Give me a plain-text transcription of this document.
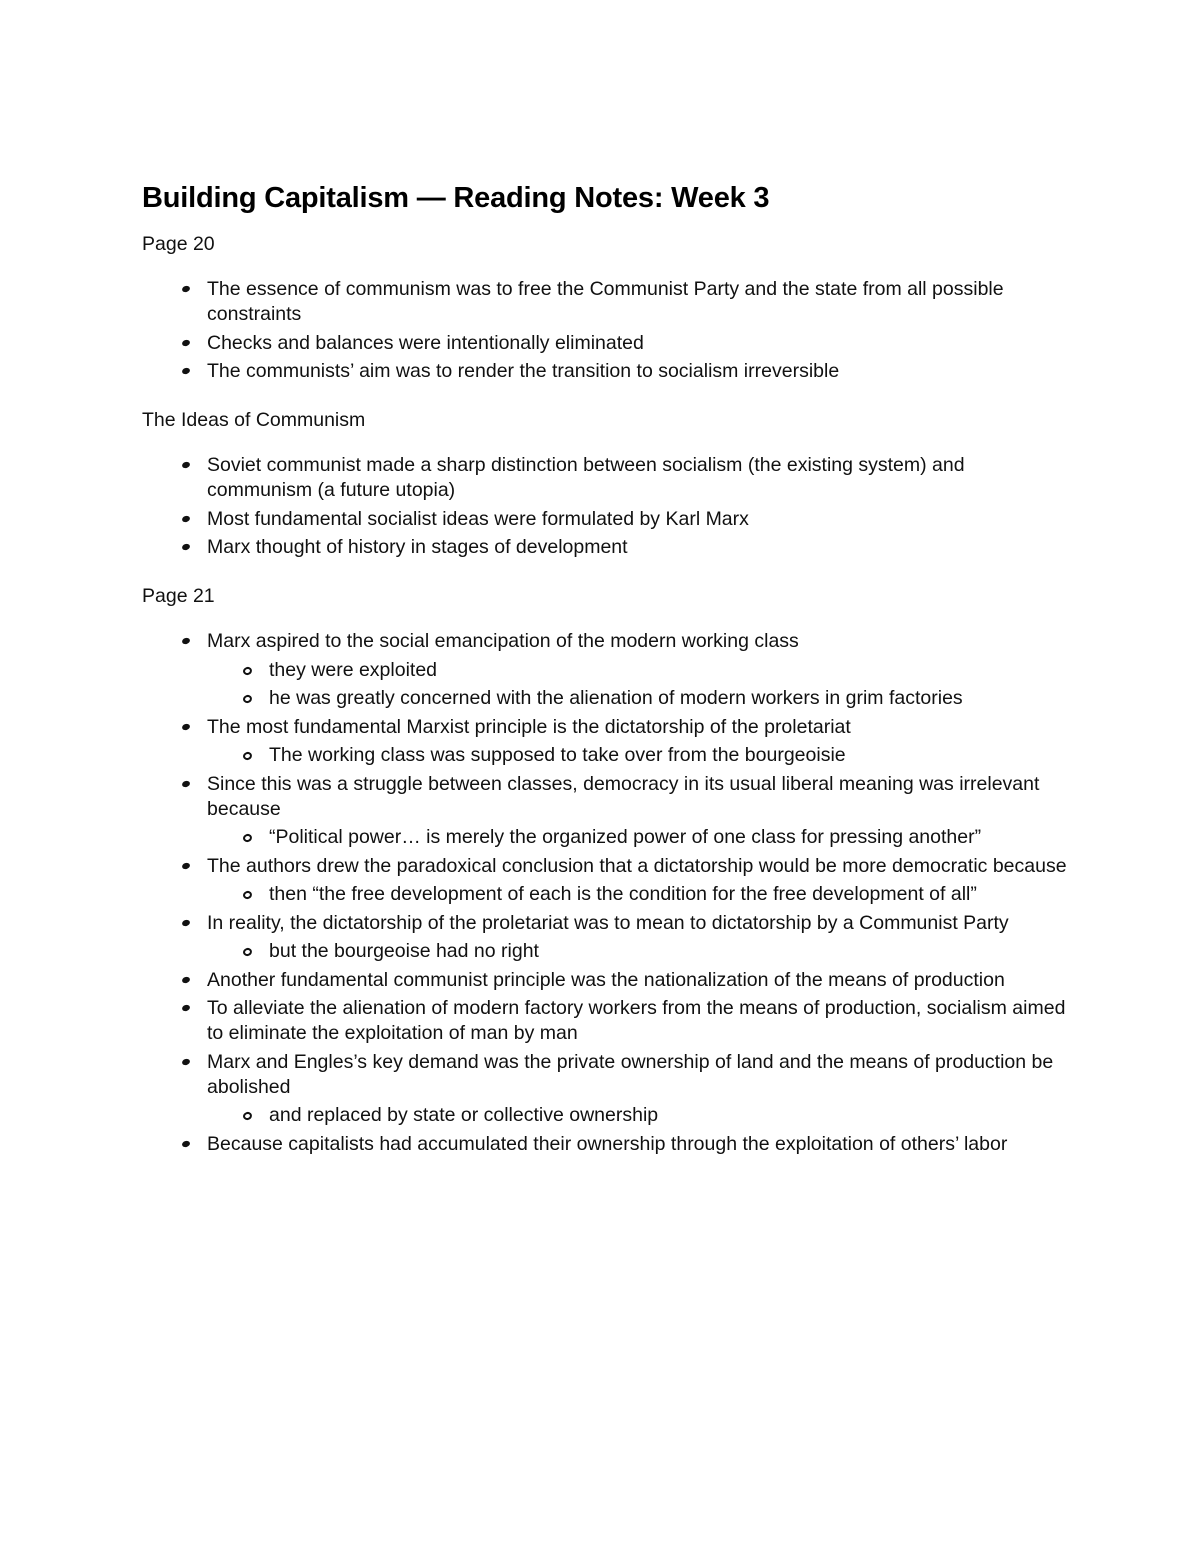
Building Capitalism — Reading Notes: Week 3
Page 20
The essence of communism was to free the Communist Party and the state from all possible constraints
Checks and balances were intentionally eliminated
The communists’ aim was to render the transition to socialism irreversible
The Ideas of Communism
Soviet communist made a sharp distinction between socialism (the existing system) and communism (a future utopia)
Most fundamental socialist ideas were formulated by Karl Marx
Marx thought of history in stages of development
Page 21
Marx aspired to the social emancipation of the modern working class
they were exploited
he was greatly concerned with the alienation of modern workers in grim factories
The most fundamental Marxist principle is the dictatorship of the proletariat
The working class was supposed to take over from the bourgeoisie
Since this was a struggle between classes, democracy in its usual liberal meaning was irrelevant because
“Political power… is merely the organized power of one class for pressing another”
The authors drew the paradoxical conclusion that a dictatorship would be more democratic because
then “the free development of each is the condition for the free development of all”
In reality, the dictatorship of the proletariat was to mean to dictatorship by a Communist Party
but the bourgeoise had no right
Another fundamental communist principle was the nationalization of the means of production
To alleviate the alienation of modern factory workers from the means of production, socialism aimed to eliminate the exploitation of man by man
Marx and Engles’s key demand was the private ownership of land and the means of production be abolished
and replaced by state or collective ownership
Because capitalists had accumulated their ownership through the exploitation of others’ labor
